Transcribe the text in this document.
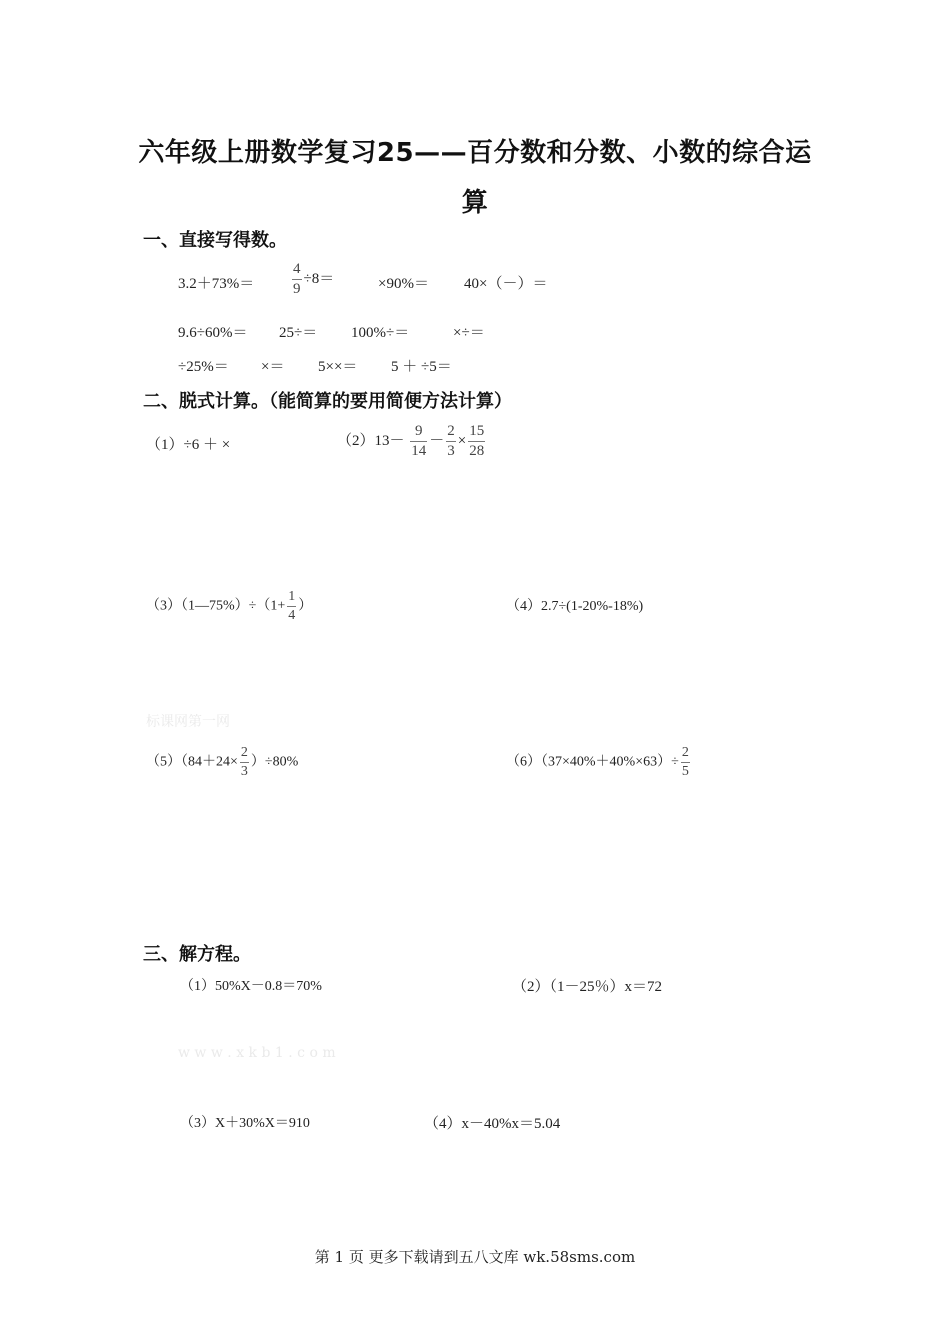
六年级上册数学复习25——百分数和分数、小数的综合运
算
一、直接写得数。
3.2＋73%＝	$\frac{4}{9} \div 8=$	×90%＝ 40×（－）＝
9.6÷60%＝ 25÷＝ 100%÷＝	×÷＝
÷25%＝ ×＝ 5××＝ 5 ＋ ÷5＝
二、脱式计算。（能简算的要用简便方法计算）
（1）÷6 ＋ ×	$(2)13- \frac{9}{14} - \frac{2}{3} \times \frac{15}{28}$
（3）（1—75%）÷（1+ $\frac{1}{4}$ ）	（4）2.7÷(1-20%-18%)
标课网第一网
$(5)(84+24\times \frac{2}{3} )\div 80\%$	$(6)(37\times 40\%+40\%\times 63)\div \frac{2}{5}$
三、解方程。
（1）50%X－0.8＝70%	（2）（1－25％）x＝72
w w w . x k b 1 . c o m
（3）X＋30%X＝910	（4）x－40%x＝5.04
第 1 页 更多下载请到五八文库 wk.58sms.com
